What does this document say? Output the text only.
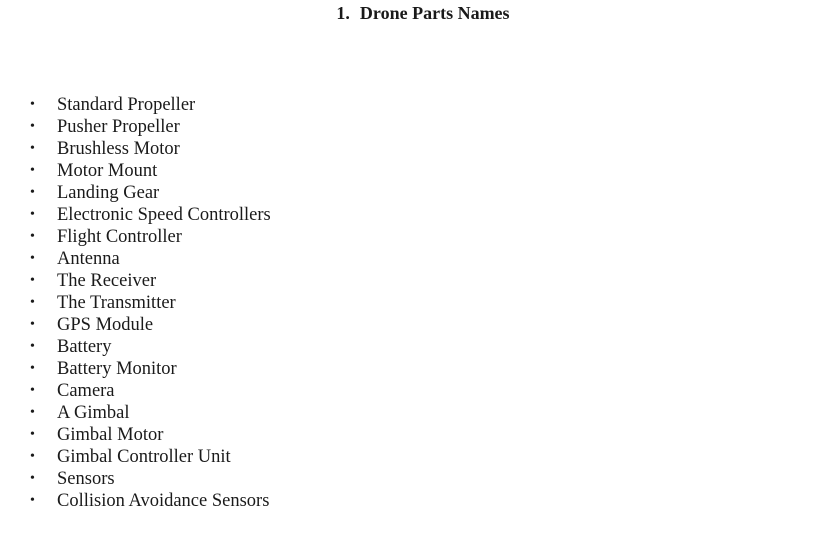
1. Drone Parts Names
• Standard Propeller
• Pusher Propeller
• Brushless Motor
• Motor Mount
• Landing Gear
• Electronic Speed Controllers
• Flight Controller
• Antenna
• The Receiver
• The Transmitter
• GPS Module
• Battery
• Battery Monitor
• Camera
• A Gimbal
• Gimbal Motor
• Gimbal Controller Unit
• Sensors
• Collision Avoidance Sensors
